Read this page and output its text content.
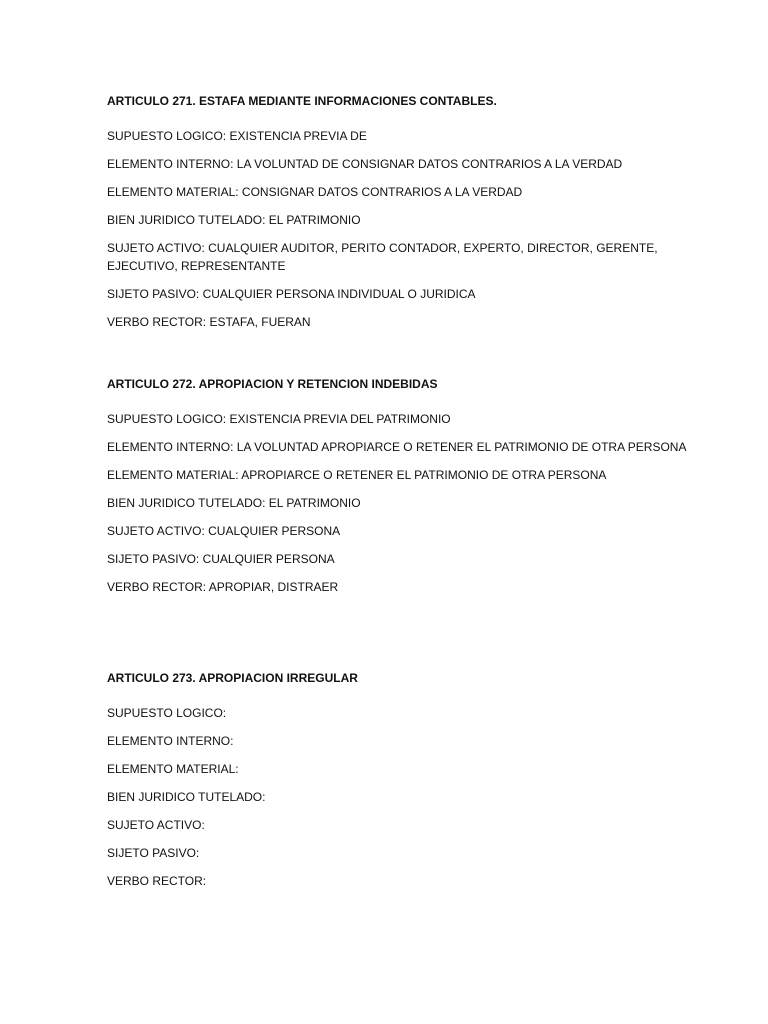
ARTICULO 271. ESTAFA MEDIANTE INFORMACIONES CONTABLES.

SUPUESTO LOGICO: EXISTENCIA PREVIA DE

ELEMENTO INTERNO: LA VOLUNTAD DE CONSIGNAR DATOS CONTRARIOS A LA VERDAD

ELEMENTO MATERIAL: CONSIGNAR DATOS CONTRARIOS A LA VERDAD

BIEN JURIDICO TUTELADO: EL PATRIMONIO

SUJETO ACTIVO: CUALQUIER AUDITOR, PERITO CONTADOR, EXPERTO, DIRECTOR, GERENTE, EJECUTIVO, REPRESENTANTE

SIJETO PASIVO: CUALQUIER PERSONA INDIVIDUAL O JURIDICA

VERBO RECTOR: ESTAFA, FUERAN

ARTICULO 272. APROPIACION Y RETENCION INDEBIDAS

SUPUESTO LOGICO: EXISTENCIA PREVIA DEL PATRIMONIO

ELEMENTO INTERNO: LA VOLUNTAD APROPIARCE O RETENER EL PATRIMONIO DE OTRA PERSONA

ELEMENTO MATERIAL: APROPIARCE O RETENER EL PATRIMONIO DE OTRA PERSONA

BIEN JURIDICO TUTELADO: EL PATRIMONIO

SUJETO ACTIVO: CUALQUIER PERSONA

SIJETO PASIVO: CUALQUIER PERSONA

VERBO RECTOR: APROPIAR, DISTRAER

ARTICULO 273. APROPIACION IRREGULAR

SUPUESTO LOGICO:

ELEMENTO INTERNO:

ELEMENTO MATERIAL:

BIEN JURIDICO TUTELADO:

SUJETO ACTIVO:

SIJETO PASIVO:

VERBO RECTOR:
